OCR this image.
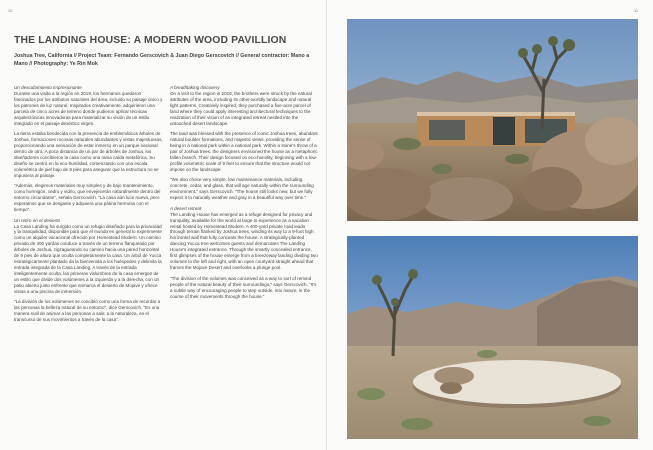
10	11
THE LANDING HOUSE: A MODERN WOOD PAVILLION
Joshua Tree, California // Project Team: Fernando Gerscovich & Juan Diego Gerscovich // General contractor: Mano a Mano // Photography: Ye Rin Mok

Un descubrimiento impresionante
Durante una visita a la región en 2019, los hermanos quedaron fascinados por los atributos naturales del área, incluido su paisaje único y los patrones de luz natural. Inspirados creativamente, adquirieron una parcela de cinco acres de terreno donde pudieron aplicar técnicas arquitectónicas innovadoras para materializar su visión de un estilo integrado en el paisaje desértico virgen.

La tierra estaba bendecida con la presencia de emblemáticos árboles de Joshua, formaciones rocosas naturales abundantes y vistas majestuosas, proporcionando una sensación de estar inmerso en un parque nacional dentro de otro. A poca distancia de un par de árboles de Joshua, los diseñadores concibieron la casa como una rama caída metafórica. Su diseño se centró en la eco-humildad, comenzando con una escala volumétrica de piel bajo de 9 pies para asegurar que la estructura no se impusiera al paisaje.

"Además, elegimos materiales muy simples y de bajo mantenimiento, como hormigón, cedro y vidrio, que envejecerán naturalmente dentro del entorno circundante", señala Gerscovich. "La casa aún luce nueva, pero esperamos que se desgaste y adquiera una pátina hermosa con el tiempo".

Un retiro en el desierto
La Casa Landing ha surgido como un refugio diseñado para la privacidad y la tranquilidad, disponible para que el mundo en general lo experimente como un alquiler vacacional ofrecido por Homestead Modern. Un camino privado de 400 yardas conduce a través de un terreno flanqueado por árboles de Joshua, zigzagueando su camino hacia una pared horizontal de 9 pies de altura que oculta completamente la casa. Un árbol de Yucca estratégicamente plantado da la bienvenida a los huéspedes y delimita la entrada integrada de la Casa Landing. A través de la entrada inteligentemente oculta, las primeras vislumbres de la casa emergen de un estilo que divide dos volúmenes a la izquierda y a la derecha, con un patio abierto justo enfrente que enmarca el desierto de Mojave y ofrece vistas a una piscina de inmersión.

"La división de los volúmenes se concibió como una forma de recordar a las personas la belleza natural de su entorno", dice Gerscovich. "Es una manera sutil de animar a las personas a salir, a la naturaleza, en el transcurso de sus movimientos a través de la casa".

A breathtaking discovery
On a visit to the region in 2019, the brothers were struck by the natural attributes of the area, including its other-worldly landscape and natural light patterns. Creatively inspired, they purchased a five-acre parcel of land where they could apply interesting architectural techniques to the realization of their vision of an integrated retreat nestled into the untouched desert landscape.

The land was blessed with the presence of iconic Joshua trees, abundant natural boulder formations, and majestic views, providing the sense of being in a national park within a national park. Within a stone's throw of a pair of Joshua trees, the designers envisioned the house as a metaphoric fallen branch. Their design focused on eco-humility, beginning with a low-profile volumetric scale of 9 feet to ensure that the structure would not impose on the landscape.

"We also chose very simple, low maintenance materials, including concrete, cedar, and glass, that will age naturally within the surrounding environment," says Gerscovich. "The house still looks new, but we fully expect it to naturally weather and gray in a beautiful way over time."

A desert retreat
The Landing House has emerged as a refuge designed for privacy and tranquility, available for the world at large to experience as a vacation rental hosted by Homestead Modern. A 400-yard private road leads through terrain flanked by Joshua trees, winding its way to a 9-foot high horizontal wall that fully conceals the house. A strategically-planted dancing Yucca tree welcomes guests and demarcates The Landing House's integrated entrance. Through the smartly concealed entrance, first glimpses of the house emerge from a breezeway landing dividing two volumes to the left and right, with an open courtyard straight ahead that frames the Mojave Desert and overlooks a plunge pool.

"The division of the volumes was conceived as a way to sort of remind people of the natural beauty of their surroundings," says Gerscovich. "It's a subtle way of encouraging people to step outside, into nature, in the course of their movements through the house."
